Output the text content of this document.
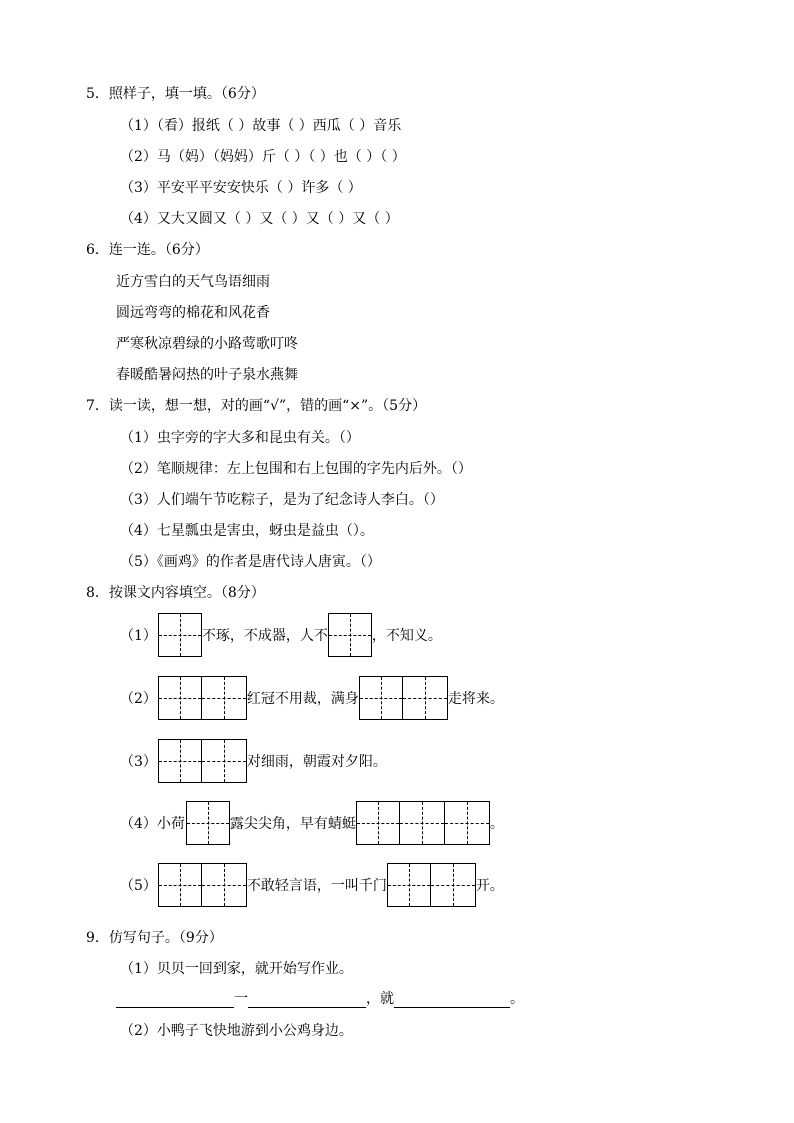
5．照样子，填一填。（6分）
（1）（看）报纸（ ）故事（ ）西瓜（ ）音乐
（2）马（妈）（妈妈）斤（ ）（ ）也（ ）（ ）
（3）平安平平安安快乐（ ）许多（ ）
（4）又大又圆又（ ）又（ ）又（ ）又（ ）
6．连一连。（6分）
近方雪白的天气鸟语细雨
圆远弯弯的棉花和风花香
严寒秋凉碧绿的小路莺歌叮咚
春暖酷暑闷热的叶子泉水燕舞
7．读一读，想一想，对的画“√”，错的画“×”。（5分）
（1）虫字旁的字大多和昆虫有关。（）
（2）笔顺规律：左上包围和右上包围的字先内后外。（）
（3）人们端午节吃粽子，是为了纪念诗人李白。（）
（4）七星瓢虫是害虫，蚜虫是益虫（）。
（5）《画鸡》的作者是唐代诗人唐寅。（）
8．按课文内容填空。（8分）
（1）	不琢，不成器，人不	，不知义。
（2）	红冠不用裁，满身	走将来。
（3）	对细雨，朝霞对夕阳。
（4） 小荷	露尖尖角，早有蜻蜓	。
（5）	不敢轻言语，一叫千门	开。
9．仿写句子。（9分）
（1）贝贝一回到家，就开始写作业。
一	，就	。
（2）小鸭子飞快地游到小公鸡身边。
